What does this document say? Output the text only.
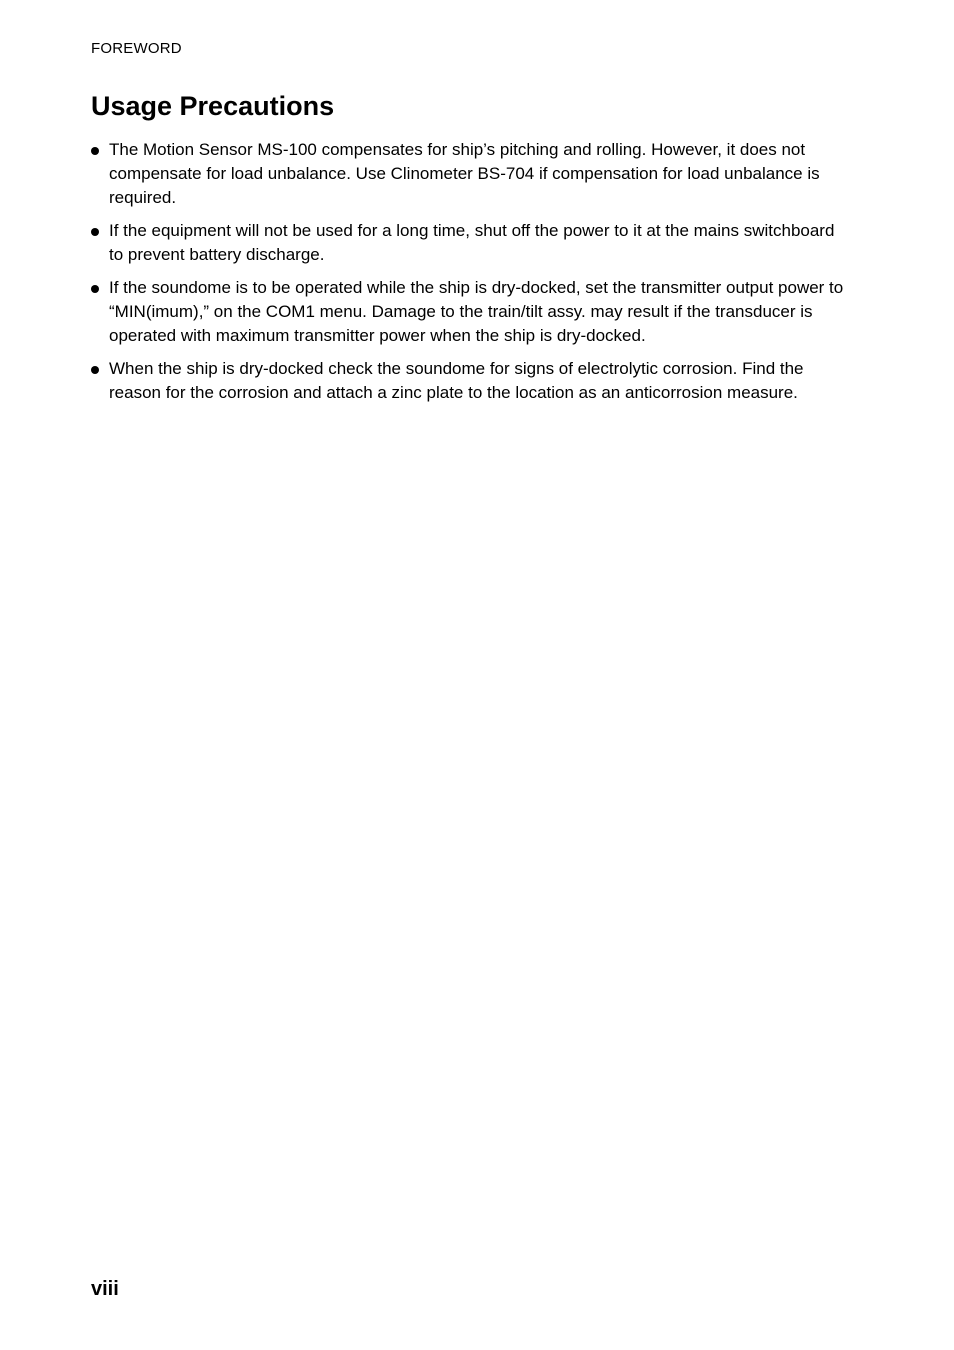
FOREWORD
Usage Precautions
The Motion Sensor MS-100 compensates for ship’s pitching and rolling. However, it does not compensate for load unbalance. Use Clinometer BS-704 if compensation for load unbalance is required.
If the equipment will not be used for a long time, shut off the power to it at the mains switchboard to prevent battery discharge.
If the soundome is to be operated while the ship is dry-docked, set the transmitter output power to “MIN(imum),” on the COM1 menu. Damage to the train/tilt assy. may result if the transducer is operated with maximum transmitter power when the ship is dry-docked.
When the ship is dry-docked check the soundome for signs of electrolytic corrosion. Find the reason for the corrosion and attach a zinc plate to the location as an anticorrosion measure.
viii
